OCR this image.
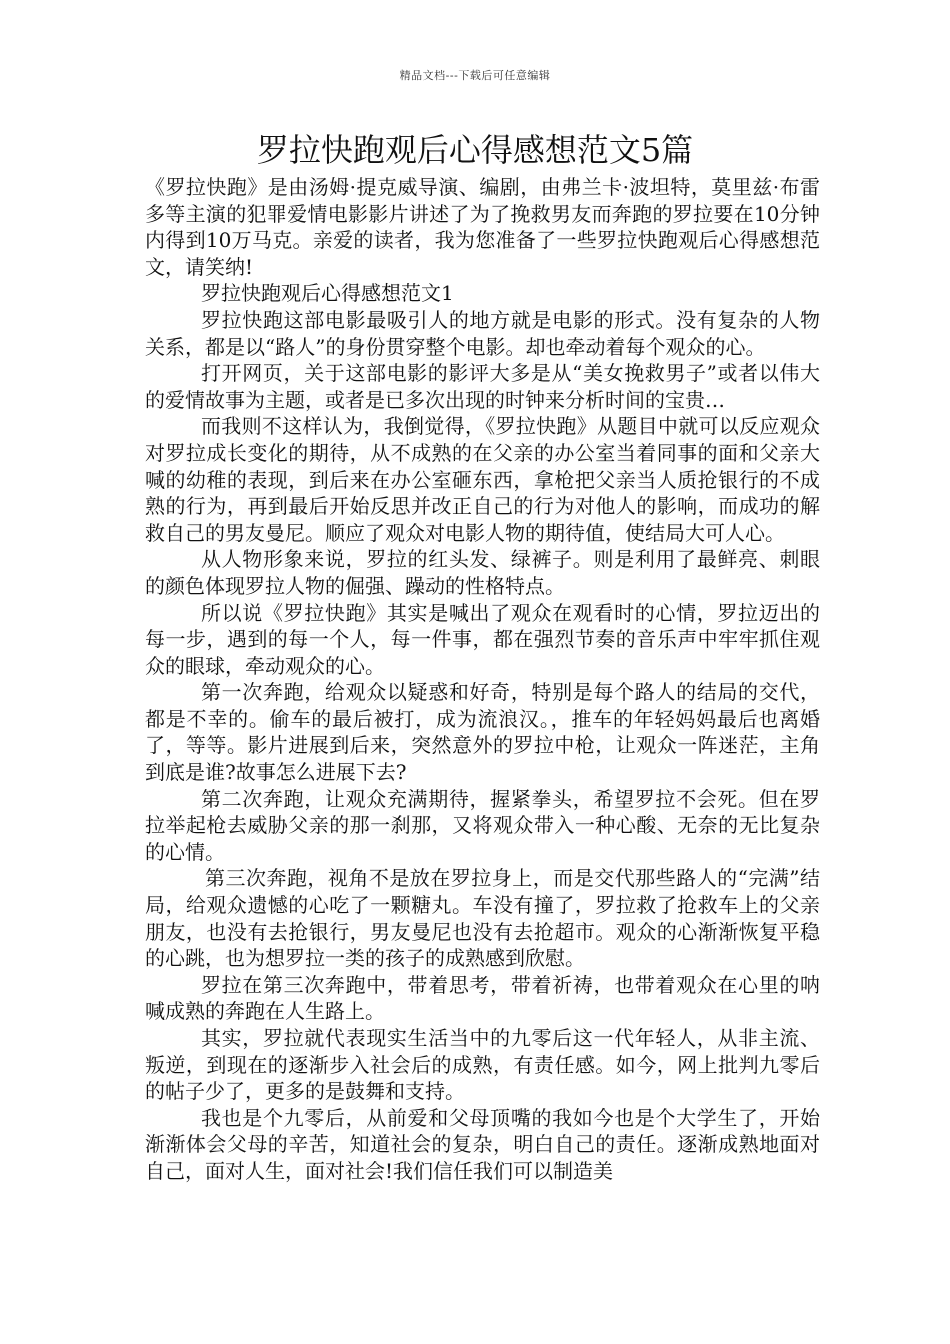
精品文档---下载后可任意编辑
罗拉快跑观后心得感想范文5篇

《罗拉快跑》是由汤姆·提克威导演、编剧，由弗兰卡·波坦特，莫里兹·布雷多等主演的犯罪爱情电影影片讲述了为了挽救男友而奔跑的罗拉要在10分钟内得到10万马克。亲爱的读者，我为您准备了一些罗拉快跑观后心得感想范文，请笑纳!

罗拉快跑观后心得感想范文1

罗拉快跑这部电影最吸引人的地方就是电影的形式。没有复杂的人物关系，都是以“路人”的身份贯穿整个电影。却也牵动着每个观众的心。

打开网页，关于这部电影的影评大多是从“美女挽救男子”或者以伟大的爱情故事为主题，或者是已多次出现的时钟来分析时间的宝贵…

而我则不这样认为，我倒觉得，《罗拉快跑》从题目中就可以反应观众对罗拉成长变化的期待，从不成熟的在父亲的办公室当着同事的面和父亲大喊的幼稚的表现，到后来在办公室砸东西，拿枪把父亲当人质抢银行的不成熟的行为，再到最后开始反思并改正自己的行为对他人的影响，而成功的解救自己的男友曼尼。顺应了观众对电影人物的期待值，使结局大可人心。

从人物形象来说，罗拉的红头发、绿裤子。则是利用了最鲜亮、刺眼的颜色体现罗拉人物的倔强、躁动的性格特点。

所以说《罗拉快跑》其实是喊出了观众在观看时的心情，罗拉迈出的每一步，遇到的每一个人，每一件事，都在强烈节奏的音乐声中牢牢抓住观众的眼球，牵动观众的心。

第一次奔跑，给观众以疑惑和好奇，特别是每个路人的结局的交代，都是不幸的。偷车的最后被打，成为流浪汉。，推车的年轻妈妈最后也离婚了，等等。影片进展到后来，突然意外的罗拉中枪，让观众一阵迷茫，主角到底是谁?故事怎么进展下去?

第二次奔跑，让观众充满期待，握紧拳头，希望罗拉不会死。但在罗拉举起枪去威胁父亲的那一刹那，又将观众带入一种心酸、无奈的无比复杂的心情。

第三次奔跑，视角不是放在罗拉身上，而是交代那些路人的“完满”结局，给观众遗憾的心吃了一颗糖丸。车没有撞了，罗拉救了抢救车上的父亲朋友，也没有去抢银行，男友曼尼也没有去抢超市。观众的心渐渐恢复平稳的心跳，也为想罗拉一类的孩子的成熟感到欣慰。

罗拉在第三次奔跑中，带着思考，带着祈祷，也带着观众在心里的呐喊成熟的奔跑在人生路上。

其实，罗拉就代表现实生活当中的九零后这一代年轻人，从非主流、叛逆，到现在的逐渐步入社会后的成熟，有责任感。如今，网上批判九零后的帖子少了，更多的是鼓舞和支持。

我也是个九零后，从前爱和父母顶嘴的我如今也是个大学生了，开始渐渐体会父母的辛苦，知道社会的复杂，明白自己的责任。逐渐成熟地面对自己，面对人生，面对社会!我们信任我们可以制造美
